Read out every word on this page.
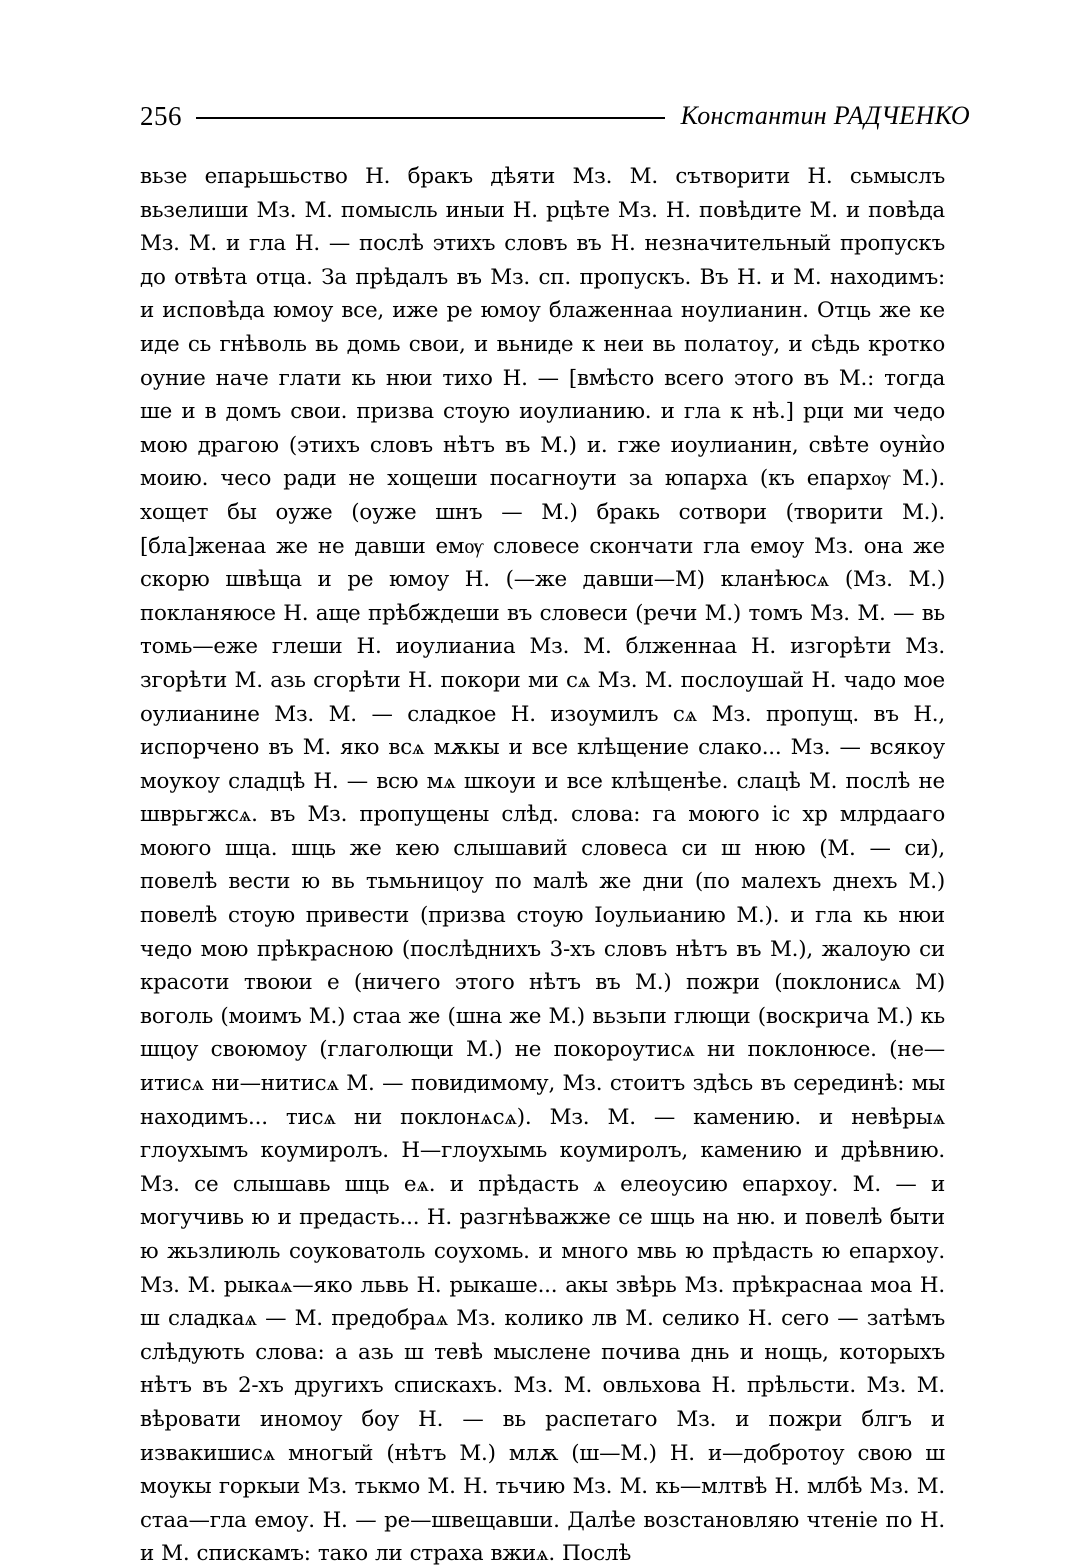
256	Константин РАДЧЕНКО

вьзе епарьшьство Н. бракъ дѣяти Мз. М. сътворити Н. сьмыслъ вьзелиши Мз. М. помысль иныи Н. рцѣте Мз. Н. повѣдите М. и повѣда Мз. М. и гла Н. — послѣ этихъ словъ въ Н. незначительный пропускъ до отвѣта отца. За прѣдалъ въ Мз. сп. пропускъ. Въ Н. и М. находимъ: и исповѣда юмоу все, иже ре юмоу блаженнаа ноулианин. Отць же ке иде сь гнѣволь вь домь свои, и вьниде к неи вь полатоу, и сѣдь кротко оуние наче глати кь нюи тихо Н. — [вмѣсто всего этого въ М.: тогда ше и в домъ свои. призва стоую иоулианию. и гла к нѣ.] рци ми чедо мою драгою (этихъ словъ нѣтъ въ М.) и. гже иоулианин, свѣте оунѝо моию. чесо ради не хощеши посагноути за юпарха (къ епархѹ М.). хощет бы оуже (оуже шнъ — М.) бракь сотвори (творити М.). [бла]женаа же не давши емѹ словесе скончати гла емоу Мз. она же скорю швѣща и ре юмоу Н. (—же давши—М) кланѣюсѧ (Мз. М.) покланяюсе Н. аще прѣбждеши въ словеси (речи М.) томъ Мз. М. — вь томь—еже глеши Н. иоулианиа Мз. М. блженнаа Н. изгорѣти Мз. згорѣти М. азь сгорѣти Н. покори ми сѧ Мз. М. послоушай Н. чадо мое оулианине Мз. М. — сладкое Н. изоумилъ сѧ Мз. пропущ. въ Н., испорчено въ М. яко всѧ мѫкы и все клѣщение слако... Мз. — всякоу моукоу сладцѣ Н. — всю мѧ шкоуи и все клѣщенѣе. слацѣ М. послѣ не шврьгжсѧ. въ Мз. пропущены слѣд. слова: га моюго іс хр млрдааго моюго шца. шць же кею слышавий словеса си ш нюю (М. — си), повелѣ вести ю вь тьмьницоу по малѣ же дни (по малехъ днехъ М.) повелѣ стоую привести (призва стоую Іоульианию М.). и гла кь нюи чедо мою прѣкрасною (послѣднихъ 3-хъ словъ нѣтъ въ М.), жалоую си красоти твоюи е (ничего этого нѣтъ въ М.) пожри (поклонисѧ М) воголь (моимъ М.) стаа же (шна же М.) вьзьпи глющи (воскрича М.) кь шцоу своюмоу (глаголющи М.) не покороутисѧ ни поклонюсе. (не—итисѧ ни—нитисѧ М. — повидимому, Мз. стоитъ здѣсь въ серединѣ: мы находимъ... тисѧ ни поклонѧсѧ). Мз. М. — камению. и невѣрыѧ глоухымъ коумиролъ. Н—глоухымь коумиролъ, камению и дрѣвнию. Мз. се слышавь шць еѧ. и прѣдасть ѧ елеоусию епархоу. М. — и могучивь ю и предасть... Н. разгнѣважже се шць на ню. и повелѣ быти ю жьзлиюль соуковатоль соухомь. и много мвь ю прѣдасть ю епархоу. Мз. М. рыкаѧ—яко львь Н. рыкаше... акы звѣрь Мз. прѣкраснаа моа Н. ш сладкаѧ — М. предобраѧ Мз. колико лв М. селико Н. сего — затѣмъ слѣдують слова: а азь ш тевѣ мыслене почива днь и нощь, которыхъ нѣтъ въ 2-хъ другихъ спискахъ. Мз. М. овльхова Н. прѣльсти. Мз. М. вѣровати иномоу боу Н. — вь распетаго Мз. и пожри блгъ и извакишисѧ многый (нѣтъ М.) млѫ (ш—М.) Н. и—добротоу свою ш моукы горкыи Мз. тькмо М. Н. тьчию Мз. М. кь—млтвѣ Н. млбѣ Мз. М. стаа—гла емоу. Н. — ре—швещавши. Далѣе возстановляю чтеніе по Н. и М. спискамъ: тако ли страха вжиѧ. Послѣ
